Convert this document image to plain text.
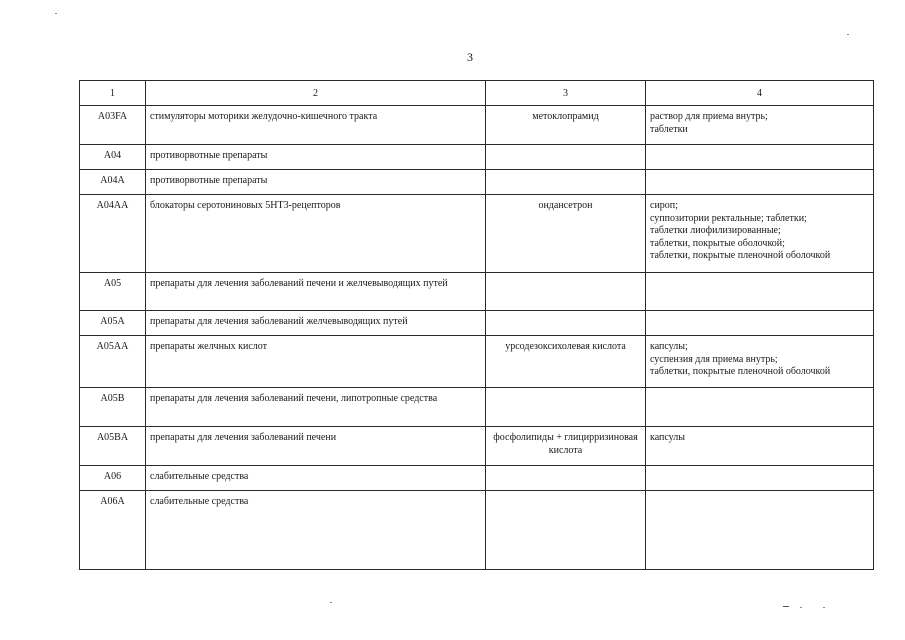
3
1	2	3	4
A03FA	стимуляторы моторики желудочно-кишечного тракта	метоклопрамид	раствор для приема внутрь;
таблетки

A04	противорвотные препараты		
A04A	противорвотные препараты		
A04AA	блокаторы серотониновых 5HT3-рецепторов	ондансетрон	сироп;
суппозитории ректальные; таблетки;
таблетки лиофилизированные;
таблетки, покрытые оболочкой;
таблетки, покрытые пленочной оболочкой

A05	препараты для лечения заболеваний печени и желчевыводящих путей		
A05A	препараты для лечения заболеваний желчевыводящих путей		
A05AA	препараты желчных кислот	урсодезоксихолевая кислота	капсулы;
суспензия для приема внутрь;
таблетки, покрытые пленочной оболочкой

A05B	препараты для лечения заболеваний печени, липотропные средства		
A05BA	препараты для лечения заболеваний печени	фосфолипиды + глицирризиновая кислота	капсулы

A06	слабительные средства		
A06A	слабительные средства		
